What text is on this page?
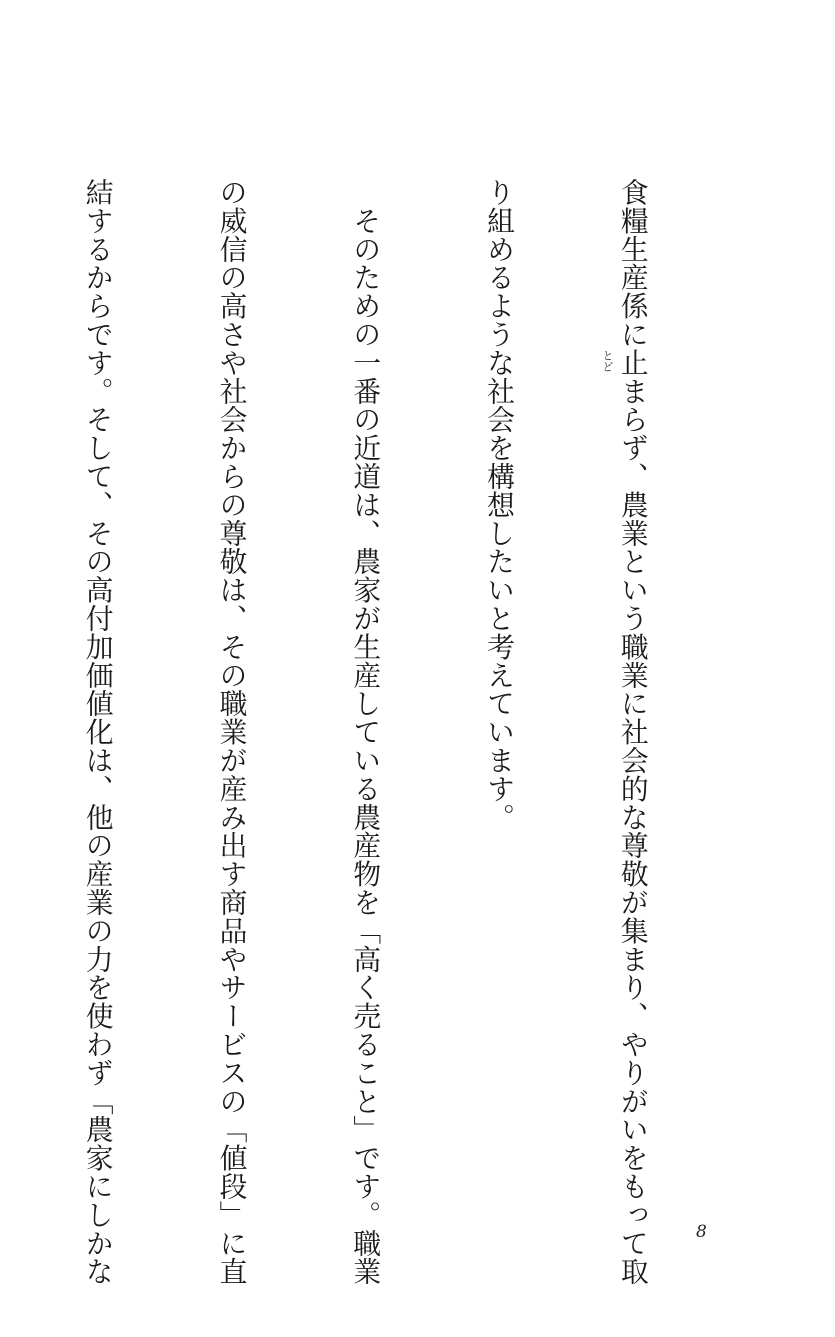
食糧生産係に止
とど
まらず、農業という職業に社会的な尊敬が集まり、やりがいをもって取

り組めるような社会を構想したいと考えています。

　そのための一番の近道は、農家が生産している農産物を「高く売ること」です。職業

の威信の高さや社会からの尊敬は、その職業が産み出す商品やサービスの「値段」に直

結するからです。そして、その高付加価値化は、他の産業の力を使わず「農家にしかな

	8
